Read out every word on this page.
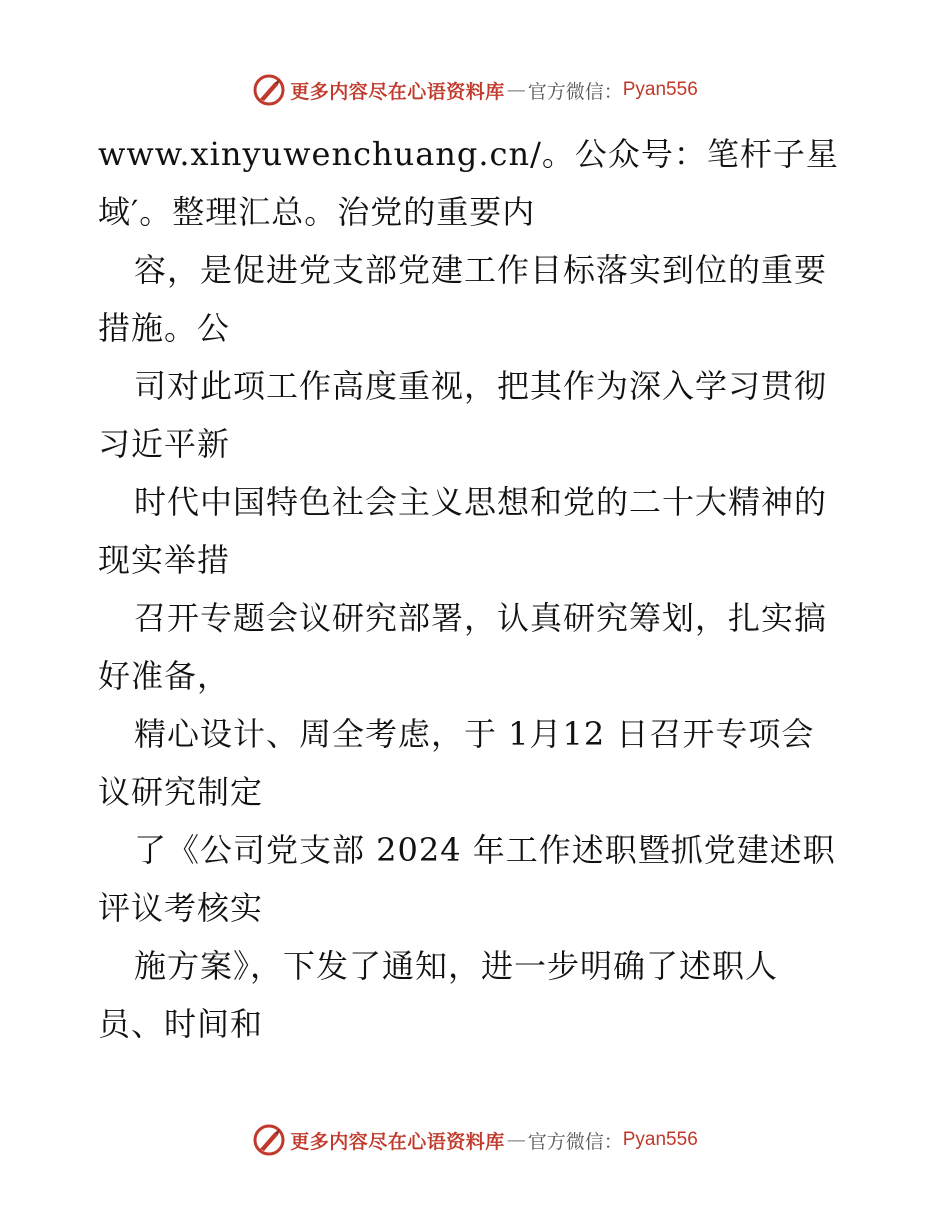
更多内容尽在心语资料库 — 官方微信： Pyan556
www.xinyuwenchuang.cn/。公众号：笔杆子星
域′。整理汇总。治党的重要内
容，是促进党支部党建工作目标落实到位的重要
措施。公
司对此项工作高度重视，把其作为深入学习贯彻
习近平新
时代中国特色社会主义思想和党的二十大精神的
现实举措
召开专题会议研究部署，认真研究筹划，扎实搞
好准备，
精心设计、周全考虑，于 1月12 日召开专项会
议研究制定
了《公司党支部 2024 年工作述职暨抓党建述职
评议考核实
施方案》，下发了通知，进一步明确了述职人
员、时间和
更多内容尽在心语资料库 — 官方微信： Pyan556
